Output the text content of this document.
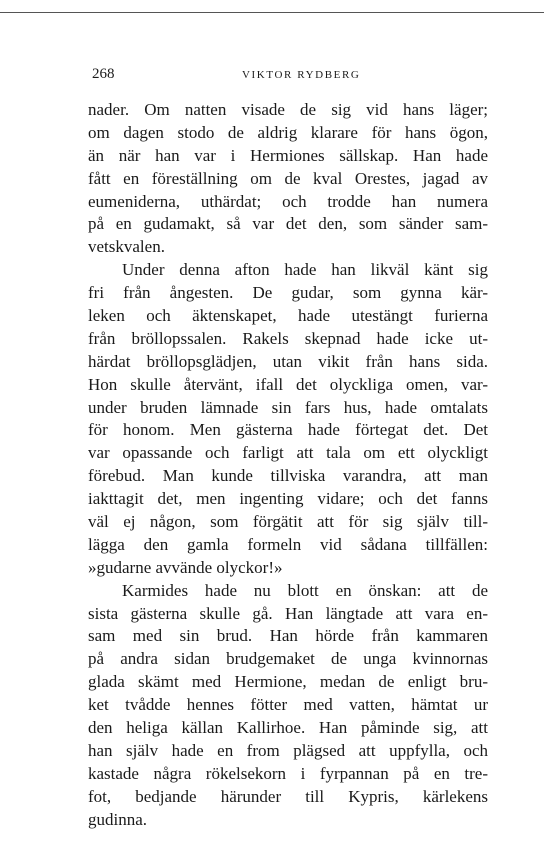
268	VIKTOR RYDBERG
nader. Om natten visade de sig vid hans läger;
om dagen stodo de aldrig klarare för hans ögon,
än när han var i Hermiones sällskap. Han hade
fått en föreställning om de kval Orestes, jagad av
eumeniderna, uthärdat; och trodde han numera
på en gudamakt, så var det den, som sänder sam-
vetskvalen.
Under denna afton hade han likväl känt sig
fri från ångesten. De gudar, som gynna kär-
leken och äktenskapet, hade utestängt furierna
från bröllopssalen. Rakels skepnad hade icke ut-
härdat bröllopsglädjen, utan vikit från hans sida.
Hon skulle återvänt, ifall det olyckliga omen, var-
under bruden lämnade sin fars hus, hade omtalats
för honom. Men gästerna hade förtegat det. Det
var opassande och farligt att tala om ett olyckligt
förebud. Man kunde tillviska varandra, att man
iakttagit det, men ingenting vidare; och det fanns
väl ej någon, som förgätit att för sig själv till-
lägga den gamla formeln vid sådana tillfällen:
»gudarne avvände olyckor!»
Karmides hade nu blott en önskan: att de
sista gästerna skulle gå. Han längtade att vara en-
sam med sin brud. Han hörde från kammaren
på andra sidan brudgemaket de unga kvinnornas
glada skämt med Hermione, medan de enligt bru-
ket tvådde hennes fötter med vatten, hämtat ur
den heliga källan Kallirhoe. Han påminde sig, att
han själv hade en from plägsed att uppfylla, och
kastade några rökelsekorn i fyrpannan på en tre-
fot, bedjande härunder till Kypris, kärlekens
gudinna.
